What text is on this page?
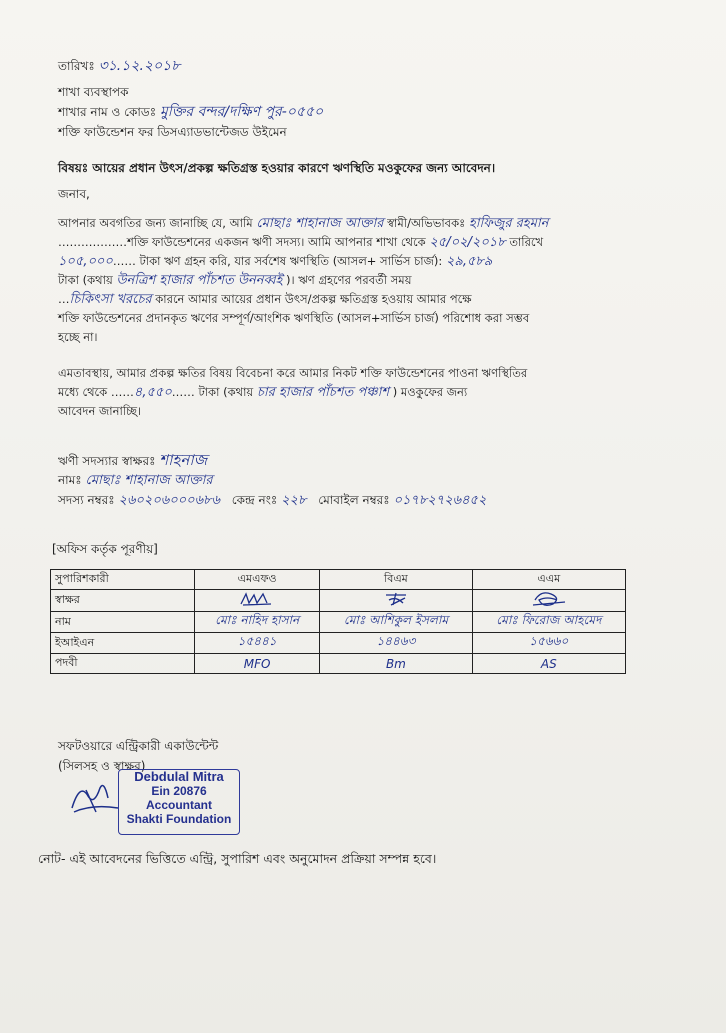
তারিখঃ ৩১.১২.২০১৮
শাখা ব্যবস্থাপক
শাখার নাম ও কোডঃ মুক্তির বন্দর/দক্ষিণ পুর-০৫৫০
শক্তি ফাউন্ডেশন ফর ডিসএ্যাডভান্টেজড উইমেন
বিষয়ঃ আয়ের প্রধান উৎস/প্রকল্প ক্ষতিগ্রস্ত হওয়ার কারণে ঋণস্থিতি মওকুফের জন্য আবেদন।
জনাব,
আপনার অবগতির জন্য জানাচ্ছি যে, আমি মোছাঃ শাহানাজ আক্তার স্বামী/অভিভাবকঃ হাফিজুর রহমান
………………শক্তি ফাউন্ডেশনের একজন ঋণী সদস্য। আমি আপনার শাখা থেকে ২৫/০২/২০১৮ তারিখে
১০৫,০০০…… টাকা ঋণ গ্রহন করি, যার সর্বশেষ ঋণস্থিতি (আসল+ সার্ভিস চার্জ): ২৯,৫৮৯
টাকা (কথায় উনত্রিশ হাজার পাঁচশত উননব্বই )। ঋণ গ্রহণের পরবর্তী সময়
…চিকিৎসা খরচের কারনে আমার আয়ের প্রধান উৎস/প্রকল্প ক্ষতিগ্রস্ত হওয়ায় আমার পক্ষে
শক্তি ফাউন্ডেশনের প্রদানকৃত ঋণের সম্পূর্ণ/আংশিক ঋণস্থিতি (আসল+সার্ভিস চার্জ) পরিশোধ করা সম্ভব
হচ্ছে না।
এমতাবস্থায়, আমার প্রকল্প ক্ষতির বিষয় বিবেচনা করে আমার নিকট শক্তি ফাউন্ডেশনের পাওনা ঋণস্থিতির
মধ্যে থেকে ……৪,৫৫০…… টাকা (কথায় চার হাজার পাঁচশত পঞ্চাশ ) মওকুফের জন্য
আবেদন জানাচ্ছি।
ঋণী সদস্যার স্বাক্ষরঃ শাহনাজ
নামঃ মোছাঃ শাহানাজ আক্তার
সদস্য নম্বরঃ ২৬০২০৬০০০৬৮৬ কেন্দ্র নংঃ ২২৮ মোবাইল নম্বরঃ ০১৭৮২৭২৬৪৫২
[অফিস কর্তৃক পূরণীয়]
সুপারিশকারী	এমএফও	বিএম	এএম
স্বাক্ষর			
নাম	মোঃ নাহিদ হাসান	মোঃ আশিকুল ইসলাম	মোঃ ফিরোজ আহমেদ
ইআইএন	১৫৪৪১	১৪৪৬৩	১৫৬৬০
পদবী	MFO	Bm	AS
সফটওয়ারে এন্ট্রিকারী একাউন্টেন্ট
(সিলসহ ও স্বাক্ষর)
Debdulal Mitra
Ein 20876
Accountant
Shakti Foundation
নোট- এই আবেদনের ভিত্তিতে এন্ট্রি, সুপারিশ এবং অনুমোদন প্রক্রিয়া সম্পন্ন হবে।
